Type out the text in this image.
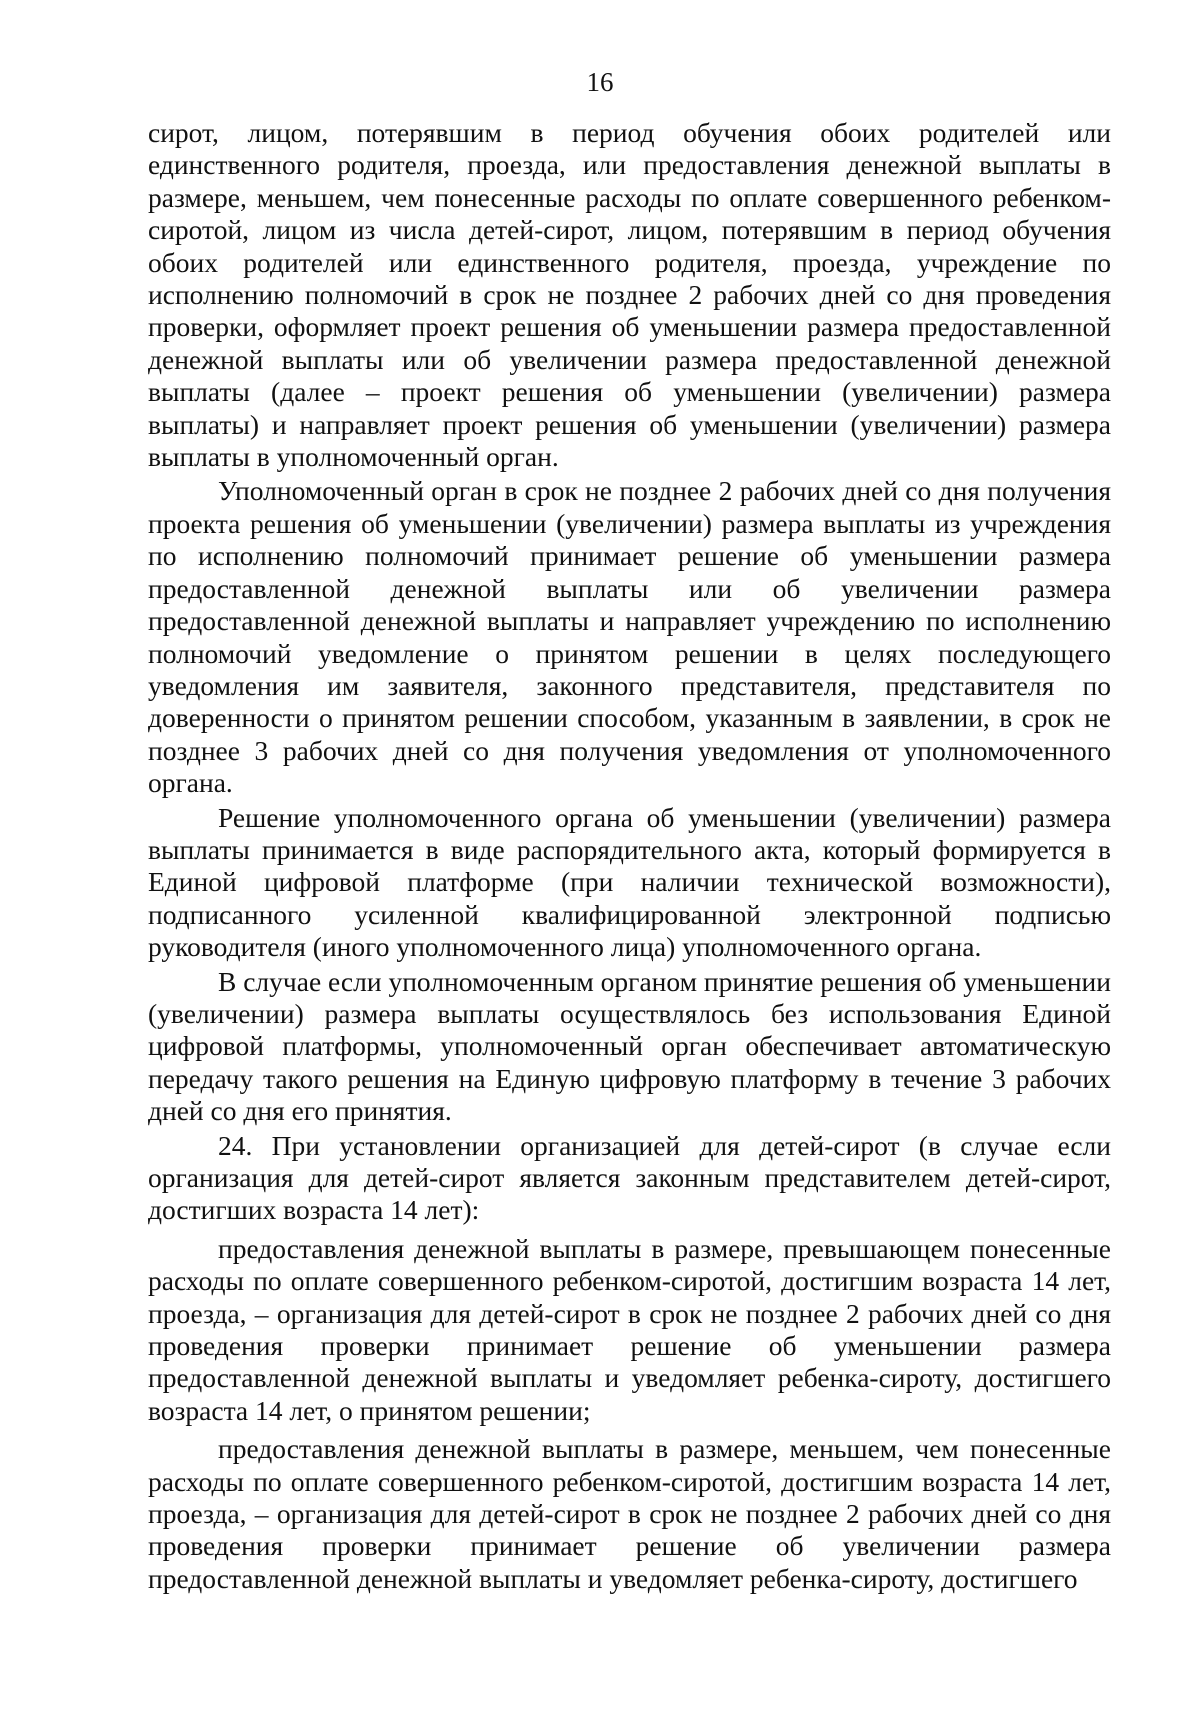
16

сирот, лицом, потерявшим в период обучения обоих родителей или единственного родителя, проезда, или предоставления денежной выплаты в размере, меньшем, чем понесенные расходы по оплате совершенного ребенком-сиротой, лицом из числа детей-сирот, лицом, потерявшим в период обучения обоих родителей или единственного родителя, проезда, учреждение по исполнению полномочий в срок не позднее 2 рабочих дней со дня проведения проверки, оформляет проект решения об уменьшении размера предоставленной денежной выплаты или об увеличении размера предоставленной денежной выплаты (далее – проект решения об уменьшении (увеличении) размера выплаты) и направляет проект решения об уменьшении (увеличении) размера выплаты в уполномоченный орган.

Уполномоченный орган в срок не позднее 2 рабочих дней со дня получения проекта решения об уменьшении (увеличении) размера выплаты из учреждения по исполнению полномочий принимает решение об уменьшении размера предоставленной денежной выплаты или об увеличении размера предоставленной денежной выплаты и направляет учреждению по исполнению полномочий уведомление о принятом решении в целях последующего уведомления им заявителя, законного представителя, представителя по доверенности о принятом решении способом, указанным в заявлении, в срок не позднее 3 рабочих дней со дня получения уведомления от уполномоченного органа.

Решение уполномоченного органа об уменьшении (увеличении) размера выплаты принимается в виде распорядительного акта, который формируется в Единой цифровой платформе (при наличии технической возможности), подписанного усиленной квалифицированной электронной подписью руководителя (иного уполномоченного лица) уполномоченного органа.

В случае если уполномоченным органом принятие решения об уменьшении (увеличении) размера выплаты осуществлялось без использования Единой цифровой платформы, уполномоченный орган обеспечивает автоматическую передачу такого решения на Единую цифровую платформу в течение 3 рабочих дней со дня его принятия.

24. При установлении организацией для детей-сирот (в случае если организация для детей-сирот является законным представителем детей-сирот, достигших возраста 14 лет):

предоставления денежной выплаты в размере, превышающем понесенные расходы по оплате совершенного ребенком-сиротой, достигшим возраста 14 лет, проезда, – организация для детей-сирот в срок не позднее 2 рабочих дней со дня проведения проверки принимает решение об уменьшении размера предоставленной денежной выплаты и уведомляет ребенка-сироту, достигшего возраста 14 лет, о принятом решении;

предоставления денежной выплаты в размере, меньшем, чем понесенные расходы по оплате совершенного ребенком-сиротой, достигшим возраста 14 лет, проезда, – организация для детей-сирот в срок не позднее 2 рабочих дней со дня проведения проверки принимает решение об увеличении размера предоставленной денежной выплаты и уведомляет ребенка-сироту, достигшего
